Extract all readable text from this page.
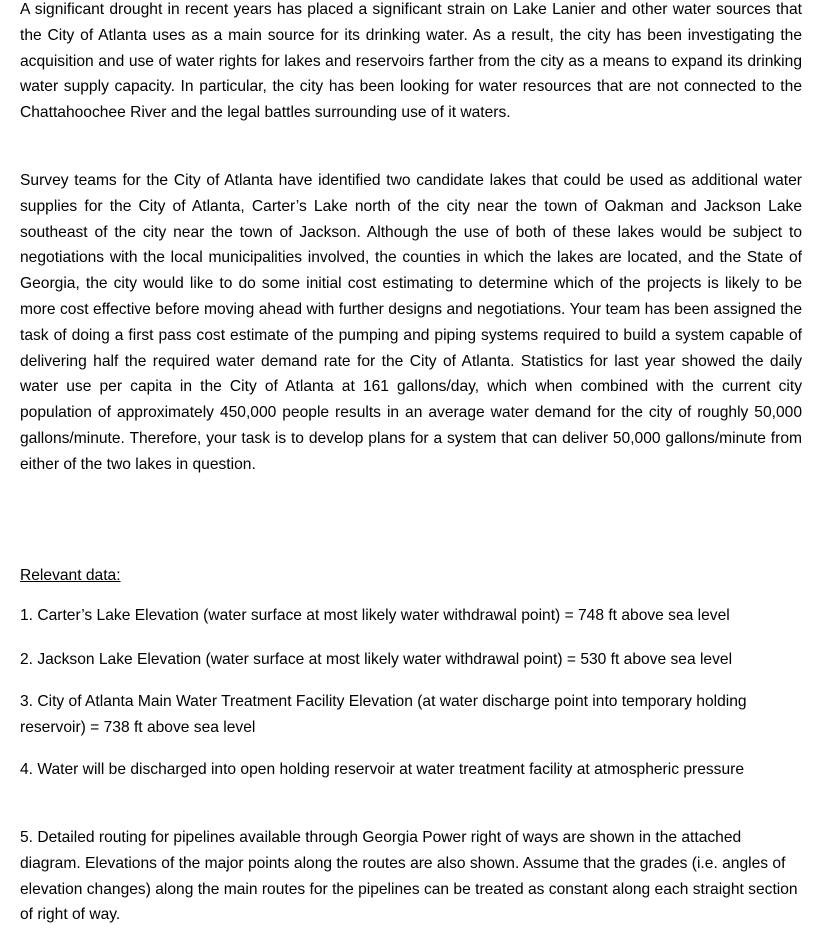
A significant drought in recent years has placed a significant strain on Lake Lanier and other water sources that the City of Atlanta uses as a main source for its drinking water. As a result, the city has been investigating the acquisition and use of water rights for lakes and reservoirs farther from the city as a means to expand its drinking water supply capacity. In particular, the city has been looking for water resources that are not connected to the Chattahoochee River and the legal battles surrounding use of it waters.

Survey teams for the City of Atlanta have identified two candidate lakes that could be used as additional water supplies for the City of Atlanta, Carter’s Lake north of the city near the town of Oakman and Jackson Lake southeast of the city near the town of Jackson. Although the use of both of these lakes would be subject to negotiations with the local municipalities involved, the counties in which the lakes are located, and the State of Georgia, the city would like to do some initial cost estimating to determine which of the projects is likely to be more cost effective before moving ahead with further designs and negotiations. Your team has been assigned the task of doing a first pass cost estimate of the pumping and piping systems required to build a system capable of delivering half the required water demand rate for the City of Atlanta. Statistics for last year showed the daily water use per capita in the City of Atlanta at 161 gallons/day, which when combined with the current city population of approximately 450,000 people results in an average water demand for the city of roughly 50,000 gallons/minute. Therefore, your task is to develop plans for a system that can deliver 50,000 gallons/minute from either of the two lakes in question.

Relevant data:

1. Carter’s Lake Elevation (water surface at most likely water withdrawal point) = 748 ft above sea level

2. Jackson Lake Elevation (water surface at most likely water withdrawal point) = 530 ft above sea level

3. City of Atlanta Main Water Treatment Facility Elevation (at water discharge point into temporary holding reservoir) = 738 ft above sea level

4. Water will be discharged into open holding reservoir at water treatment facility at atmospheric pressure

5. Detailed routing for pipelines available through Georgia Power right of ways are shown in the attached diagram. Elevations of the major points along the routes are also shown. Assume that the grades (i.e. angles of elevation changes) along the main routes for the pipelines can be treated as constant along each straight section of right of way.
